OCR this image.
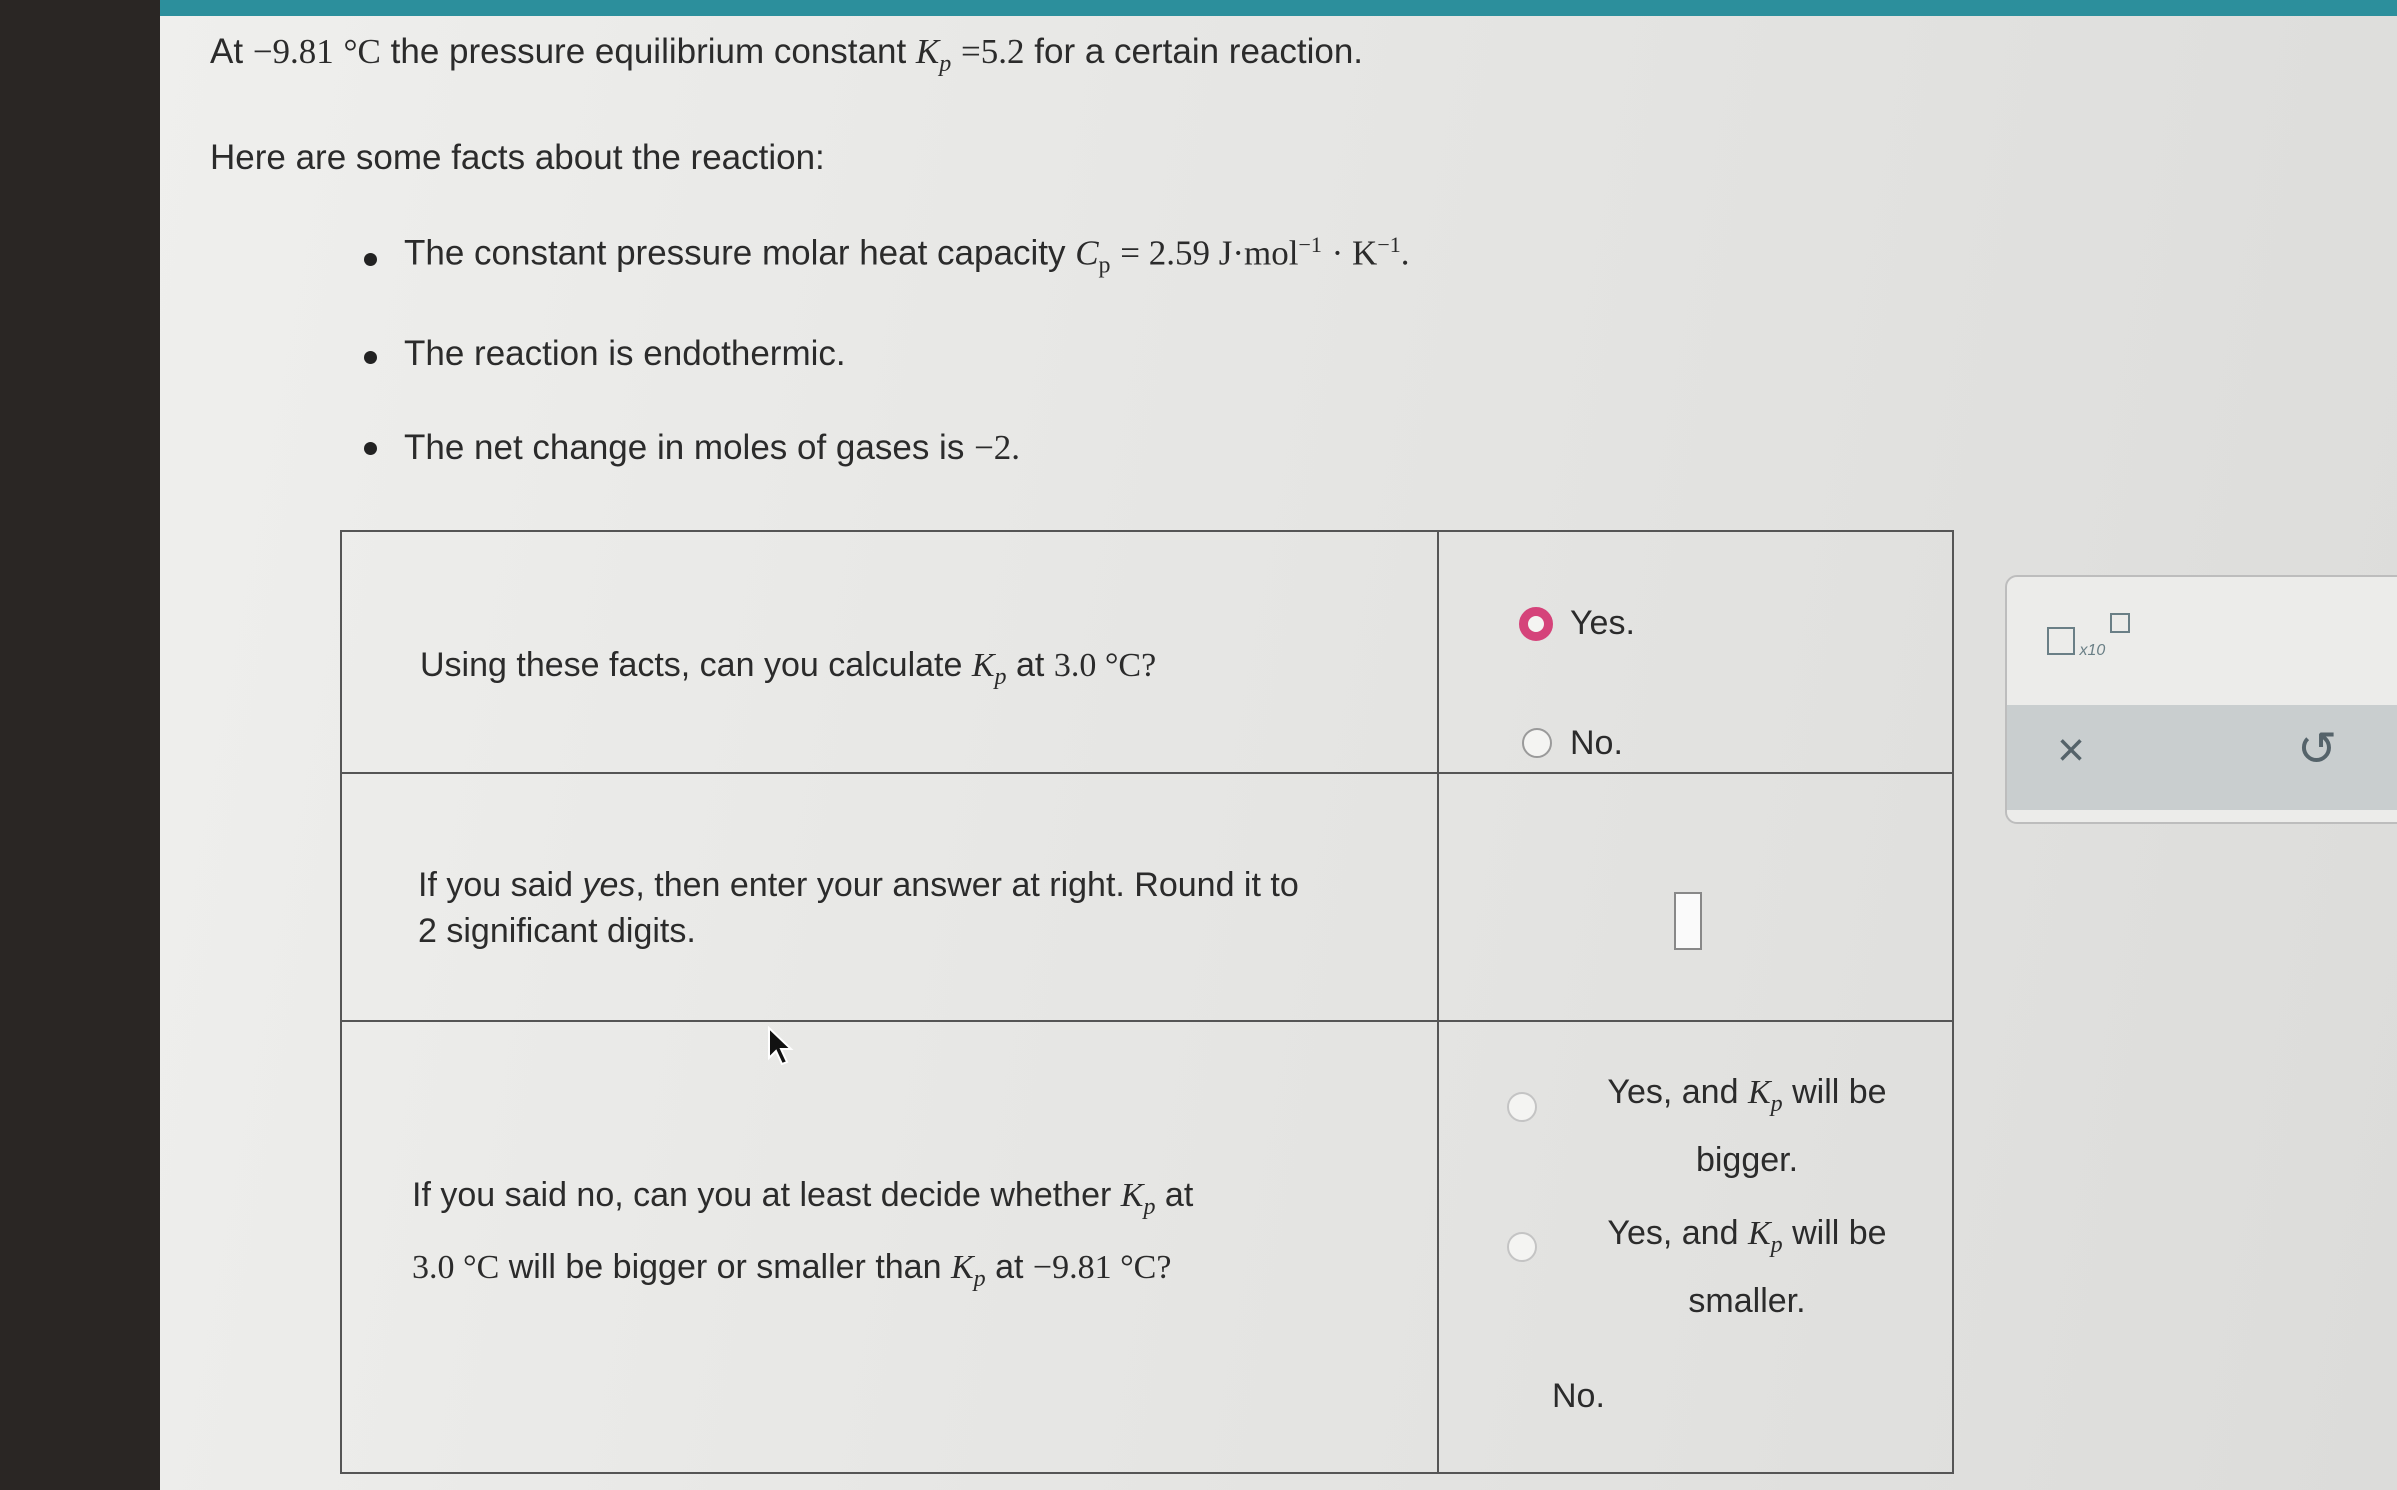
At −9.81 °C the pressure equilibrium constant $K_p =5.2$ for a certain reaction.
Here are some facts about the reaction:
The constant pressure molar heat capacity $C_p = 2.59$ $J\cdot mol^{-1} \cdot K^{-1}$.
The reaction is endothermic.
The net change in moles of gases is −2.
Using these facts, can you calculate $K_p$ at 3.0 °C?
Yes.
No.
If you said yes, then enter your answer at right. Round it to
2 significant digits.
If you said no, can you at least decide whether $K_p$ at
3.0 °C will be bigger or smaller than $K_p$ at −9.81 °C?
Yes, and $K_p$ will be
bigger.
Yes, and $K_p$ will be
smaller.
No.
x10
×	↺
